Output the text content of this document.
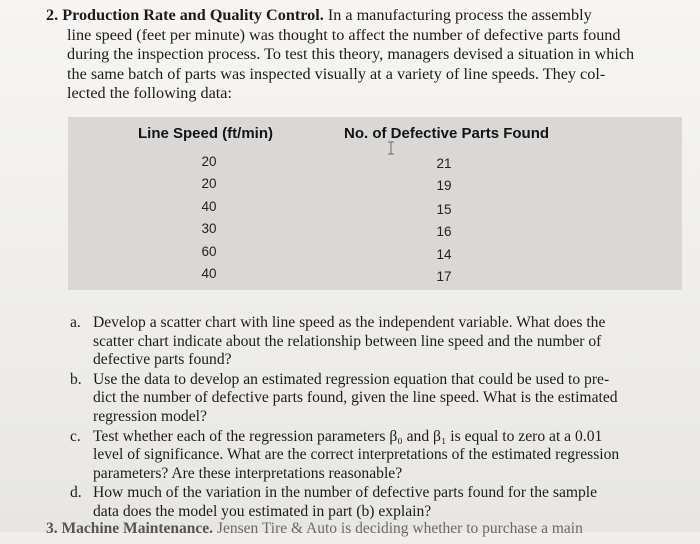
2. Production Rate and Quality Control. In a manufacturing process the assembly

line speed (feet per minute) was thought to affect the number of defective parts found

during the inspection process. To test this theory, managers devised a situation in which

the same batch of parts was inspected visually at a variety of line speeds. They col-

lected the following data:

Line Speed (ft/min)	No. of Defective Parts Found
20	21
20	19
40	15
30	16
60	14
40	17
a. Develop a scatter chart with line speed as the independent variable. What does the
scatter chart indicate about the relationship between line speed and the number of
defective parts found?
b. Use the data to develop an estimated regression equation that could be used to pre-
dict the number of defective parts found, given the line speed. What is the estimated
regression model?
c. Test whether each of the regression parameters β₀ and β₁ is equal to zero at a 0.01
level of significance. What are the correct interpretations of the estimated regression
parameters? Are these interpretations reasonable?
d. How much of the variation in the number of defective parts found for the sample
data does the model you estimated in part (b) explain?
3. Machine Maintenance. Jensen Tire & Auto is deciding whether to purchase a main
